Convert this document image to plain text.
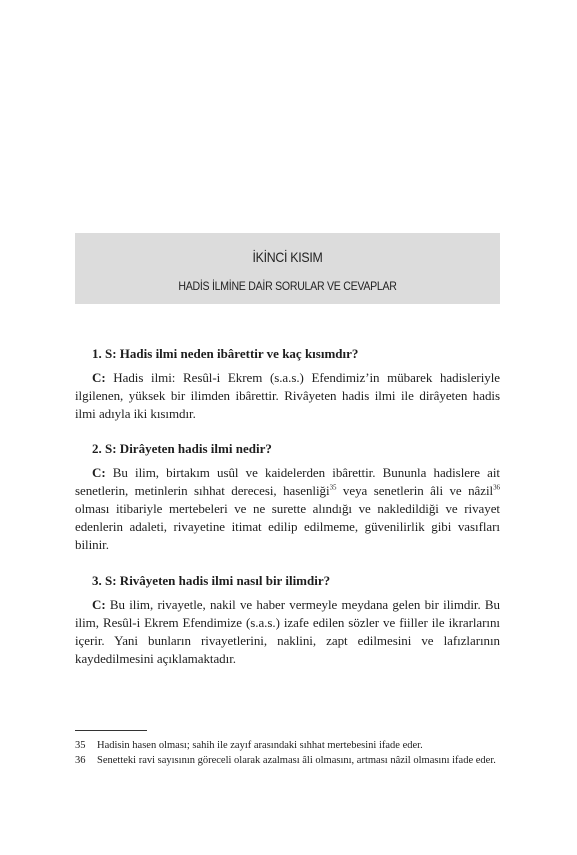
İKİNCİ KISIM
HADİS İLMİNE DAİR SORULAR VE CEVAPLAR

1. S: Hadis ilmi neden ibârettir ve kaç kısımdır?

C: Hadis ilmi: Resûl-i Ekrem (s.a.s.) Efendimiz’in mübarek hadisleriyle ilgilenen, yüksek bir ilimden ibârettir. Rivâyeten hadis ilmi ile dirâyeten hadis ilmi adıyla iki kısımdır.

2. S: Dirâyeten hadis ilmi nedir?

C: Bu ilim, birtakım usûl ve kaidelerden ibârettir. Bununla hadislere ait senetlerin, metinlerin sıhhat derecesi, hasenliği$^{35}$ veya senetlerin âli ve nâzil$^{36}$ olması itibariyle mertebeleri ve ne surette alındığı ve nakledildiği ve rivayet edenlerin adaleti, rivayetine itimat edilip edilmeme, güvenilirlik gibi vasıfları bilinir.

3. S: Rivâyeten hadis ilmi nasıl bir ilimdir?

C: Bu ilim, rivayetle, nakil ve haber vermeyle meydana gelen bir ilimdir. Bu ilim, Resûl-i Ekrem Efendimize (s.a.s.) izafe edilen sözler ve fiiller ile ikrarlarını içerir. Yani bunların rivayetlerini, naklini, zapt edilmesini ve lafızlarının kaydedilmesini açıklamaktadır.

35	Hadisin hasen olması; sahih ile zayıf arasındaki sıhhat mertebesini ifade eder.
36	Senetteki ravi sayısının göreceli olarak azalması âli olmasını, artması nâzil olmasını ifade eder.
